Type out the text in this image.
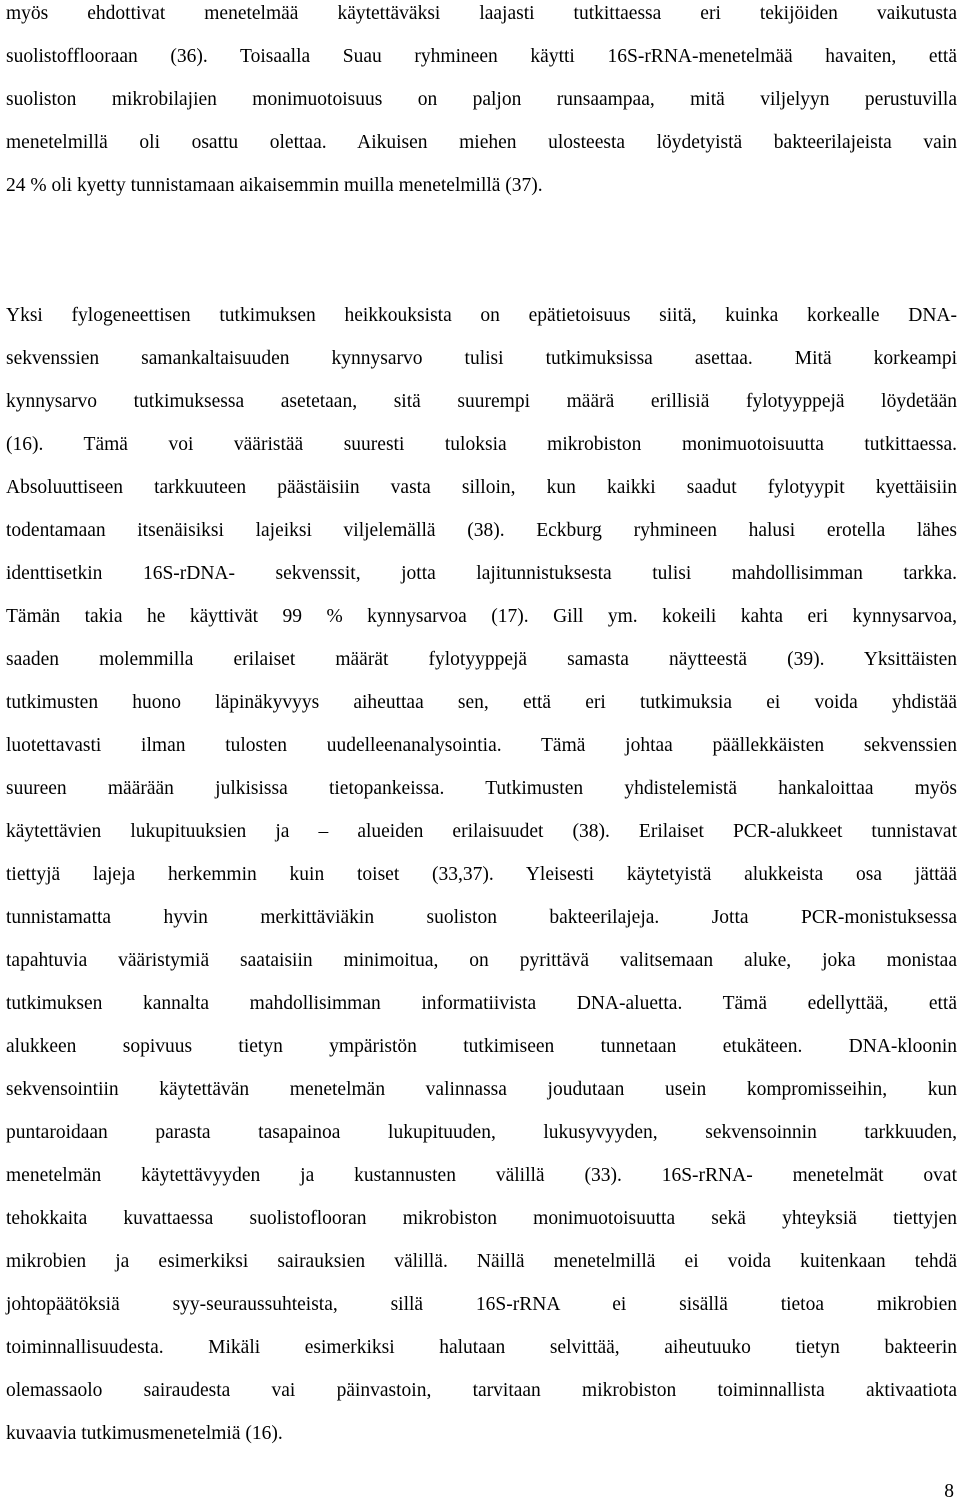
myös ehdottivat menetelmää käytettäväksi laajasti tutkittaessa eri tekijöiden vaikutusta
suolistofflooraan (36). Toisaalla Suau ryhmineen käytti 16S-rRNA-menetelmää havaiten, että
suoliston mikrobilajien monimuotoisuus on paljon runsaampaa, mitä viljelyyn perustuvilla
menetelmillä oli osattu olettaa. Aikuisen miehen ulosteesta löydetyistä bakteerilajeista vain
24 % oli kyetty tunnistamaan aikaisemmin muilla menetelmillä (37).
Yksi fylogeneettisen tutkimuksen heikkouksista on epätietoisuus siitä, kuinka korkealle DNA-
sekvenssien samankaltaisuuden kynnysarvo tulisi tutkimuksissa asettaa. Mitä korkeampi
kynnysarvo tutkimuksessa asetetaan, sitä suurempi määrä erillisiä fylotyyppejä löydetään
(16). Tämä voi vääristää suuresti tuloksia mikrobiston monimuotoisuutta tutkittaessa.
Absoluuttiseen tarkkuuteen päästäisiin vasta silloin, kun kaikki saadut fylotyypit kyettäisiin
todentamaan itsenäisiksi lajeiksi viljelemällä (38). Eckburg ryhmineen halusi erotella lähes
identtisetkin 16S-rDNA- sekvenssit, jotta lajitunnistuksesta tulisi mahdollisimman tarkka.
Tämän takia he käyttivät 99 % kynnysarvoa (17). Gill ym. kokeili kahta eri kynnysarvoa,
saaden molemmilla erilaiset määrät fylotyyppejä samasta näytteestä (39). Yksittäisten
tutkimusten huono läpinäkyvyys aiheuttaa sen, että eri tutkimuksia ei voida yhdistää
luotettavasti ilman tulosten uudelleenanalysointia. Tämä johtaa päällekkäisten sekvenssien
suureen määrään julkisissa tietopankeissa. Tutkimusten yhdistelemistä hankaloittaa myös
käytettävien lukupituuksien ja – alueiden erilaisuudet (38). Erilaiset PCR-alukkeet tunnistavat
tiettyjä lajeja herkemmin kuin toiset (33,37). Yleisesti käytetyistä alukkeista osa jättää
tunnistamatta hyvin merkittäviäkin suoliston bakteerilajeja. Jotta PCR-monistuksessa
tapahtuvia vääristymiä saataisiin minimoitua, on pyrittävä valitsemaan aluke, joka monistaa
tutkimuksen kannalta mahdollisimman informatiivista DNA-aluetta. Tämä edellyttää, että
alukkeen sopivuus tietyn ympäristön tutkimiseen tunnetaan etukäteen. DNA-kloonin
sekvensointiin käytettävän menetelmän valinnassa joudutaan usein kompromisseihin, kun
puntaroidaan parasta tasapainoa lukupituuden, lukusyvyyden, sekvensoinnin tarkkuuden,
menetelmän käytettävyyden ja kustannusten välillä (33). 16S-rRNA- menetelmät ovat
tehokkaita kuvattaessa suolistoflooran mikrobiston monimuotoisuutta sekä yhteyksiä tiettyjen
mikrobien ja esimerkiksi sairauksien välillä. Näillä menetelmillä ei voida kuitenkaan tehdä
johtopäätöksiä syy-seuraussuhteista, sillä 16S-rRNA ei sisällä tietoa mikrobien
toiminnallisuudesta. Mikäli esimerkiksi halutaan selvittää, aiheutuuko tietyn bakteerin
olemassaolo sairaudesta vai päinvastoin, tarvitaan mikrobiston toiminnallista aktivaatiota
kuvaavia tutkimusmenetelmiä (16).
8
